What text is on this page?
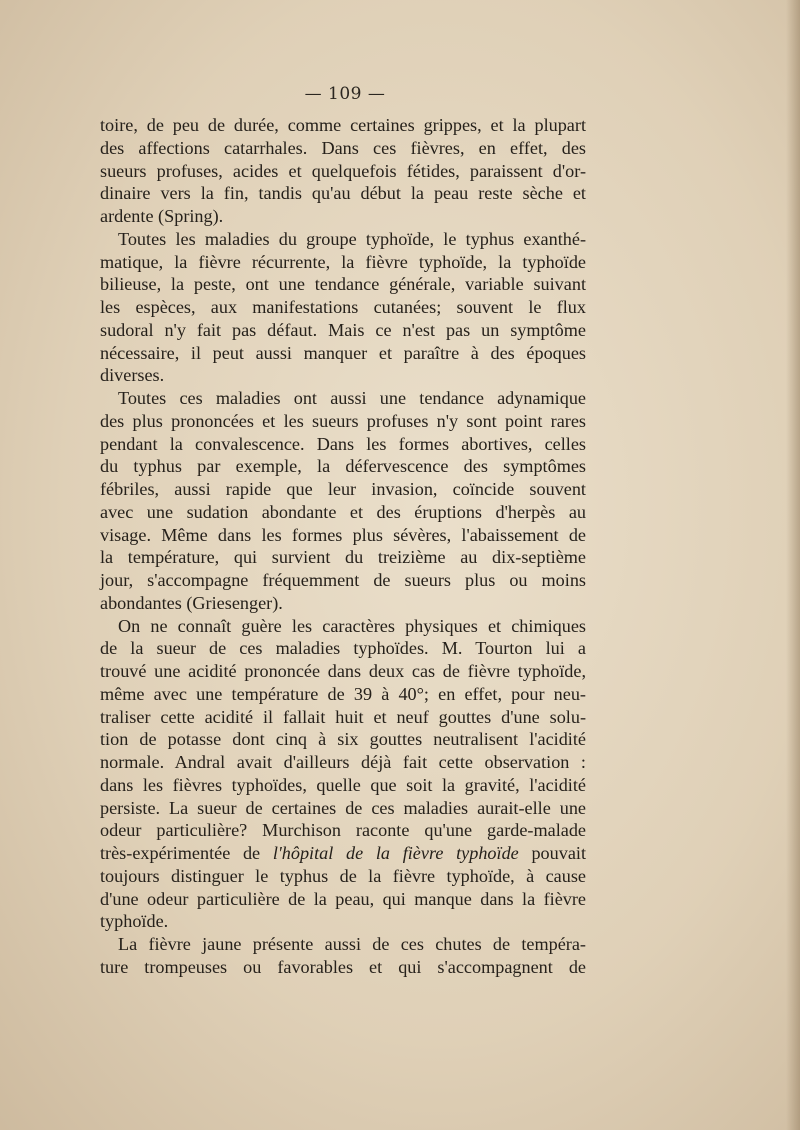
— 109 —
toire, de peu de durée, comme certaines grippes, et la plupart
des affections catarrhales. Dans ces fièvres, en effet, des
sueurs profuses, acides et quelquefois fétides, paraissent d'or-
dinaire vers la fin, tandis qu'au début la peau reste sèche et
ardente (Spring).
Toutes les maladies du groupe typhoïde, le typhus exanthé-
matique, la fièvre récurrente, la fièvre typhoïde, la typhoïde
bilieuse, la peste, ont une tendance générale, variable suivant
les espèces, aux manifestations cutanées; souvent le flux
sudoral n'y fait pas défaut. Mais ce n'est pas un symptôme
nécessaire, il peut aussi manquer et paraître à des époques
diverses.
Toutes ces maladies ont aussi une tendance adynamique
des plus prononcées et les sueurs profuses n'y sont point rares
pendant la convalescence. Dans les formes abortives, celles
du typhus par exemple, la défervescence des symptômes
fébriles, aussi rapide que leur invasion, coïncide souvent
avec une sudation abondante et des éruptions d'herpès au
visage. Même dans les formes plus sévères, l'abaissement de
la température, qui survient du treizième au dix-septième
jour, s'accompagne fréquemment de sueurs plus ou moins
abondantes (Griesenger).
On ne connaît guère les caractères physiques et chimiques
de la sueur de ces maladies typhoïdes. M. Tourton lui a
trouvé une acidité prononcée dans deux cas de fièvre typhoïde,
même avec une température de 39 à 40°; en effet, pour neu-
traliser cette acidité il fallait huit et neuf gouttes d'une solu-
tion de potasse dont cinq à six gouttes neutralisent l'acidité
normale. Andral avait d'ailleurs déjà fait cette observation :
dans les fièvres typhoïdes, quelle que soit la gravité, l'acidité
persiste. La sueur de certaines de ces maladies aurait-elle une
odeur particulière? Murchison raconte qu'une garde-malade
très-expérimentée de l'hôpital de la fièvre typhoïde pouvait
toujours distinguer le typhus de la fièvre typhoïde, à cause
d'une odeur particulière de la peau, qui manque dans la fièvre
typhoïde.
La fièvre jaune présente aussi de ces chutes de tempéra-
ture trompeuses ou favorables et qui s'accompagnent de
